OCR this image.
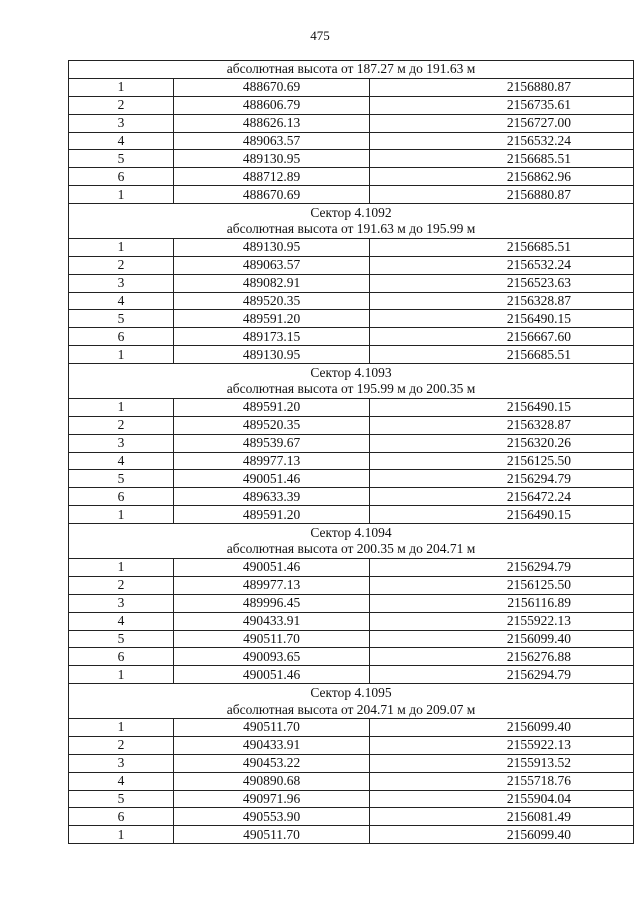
475
абсолютная высота от 187.27 м до 191.63 м		
1	488670.69	2156880.87
2	488606.79	2156735.61
3	488626.13	2156727.00
4	489063.57	2156532.24
5	489130.95	2156685.51
6	488712.89	2156862.96
1	488670.69	2156880.87
Сектор 4.1092		
абсолютная высота от 191.63 м до 195.99 м		
1	489130.95	2156685.51
2	489063.57	2156532.24
3	489082.91	2156523.63
4	489520.35	2156328.87
5	489591.20	2156490.15
6	489173.15	2156667.60
1	489130.95	2156685.51
Сектор 4.1093		
абсолютная высота от 195.99 м до 200.35 м		
1	489591.20	2156490.15
2	489520.35	2156328.87
3	489539.67	2156320.26
4	489977.13	2156125.50
5	490051.46	2156294.79
6	489633.39	2156472.24
1	489591.20	2156490.15
Сектор 4.1094		
абсолютная высота от 200.35 м до 204.71 м		
1	490051.46	2156294.79
2	489977.13	2156125.50
3	489996.45	2156116.89
4	490433.91	2155922.13
5	490511.70	2156099.40
6	490093.65	2156276.88
1	490051.46	2156294.79
Сектор 4.1095		
абсолютная высота от 204.71 м до 209.07 м		
1	490511.70	2156099.40
2	490433.91	2155922.13
3	490453.22	2155913.52
4	490890.68	2155718.76
5	490971.96	2155904.04
6	490553.90	2156081.49
1	490511.70	2156099.40
